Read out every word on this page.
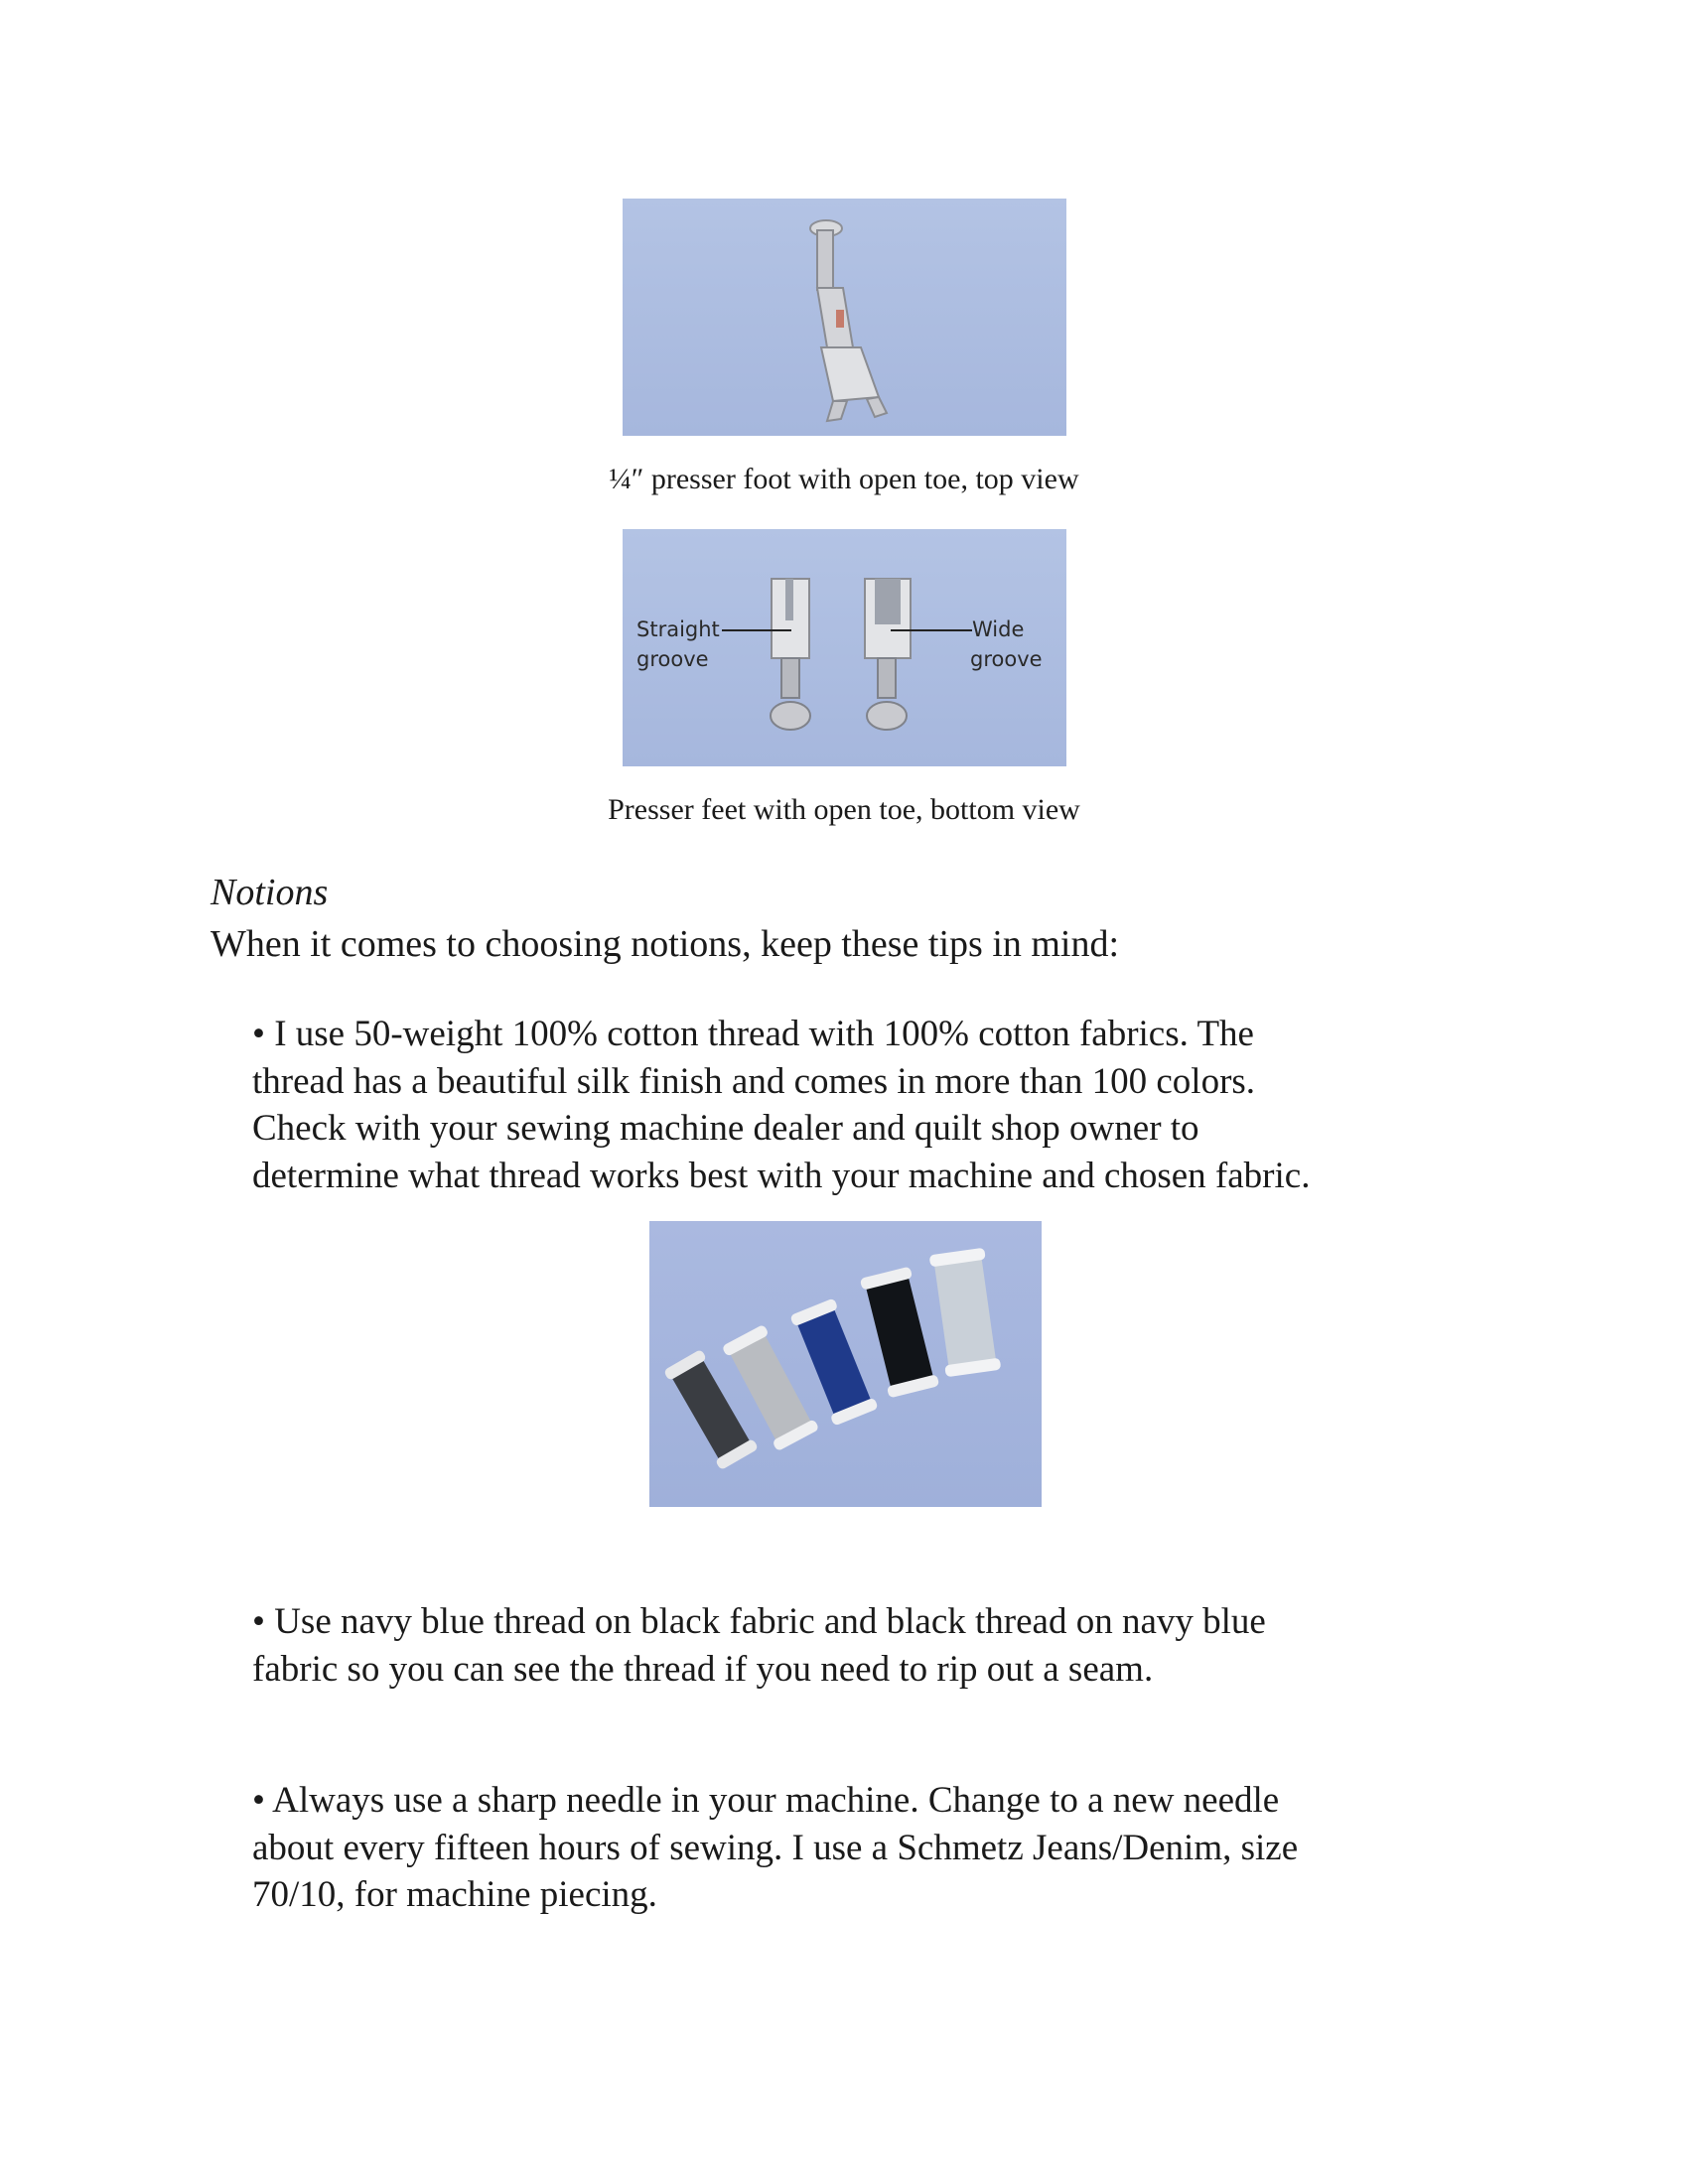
¼″ presser foot with open toe, top view
Straight
groove
Wide
groove
Presser feet with open toe, bottom view
Notions
When it comes to choosing notions, keep these tips in mind:
• I use 50-weight 100% cotton thread with 100% cotton fabrics. The
thread has a beautiful silk finish and comes in more than 100 colors.
Check with your sewing machine dealer and quilt shop owner to
determine what thread works best with your machine and chosen fabric.
• Use navy blue thread on black fabric and black thread on navy blue
fabric so you can see the thread if you need to rip out a seam.
• Always use a sharp needle in your machine. Change to a new needle
about every fifteen hours of sewing. I use a Schmetz Jeans/Denim, size
70/10, for machine piecing.
